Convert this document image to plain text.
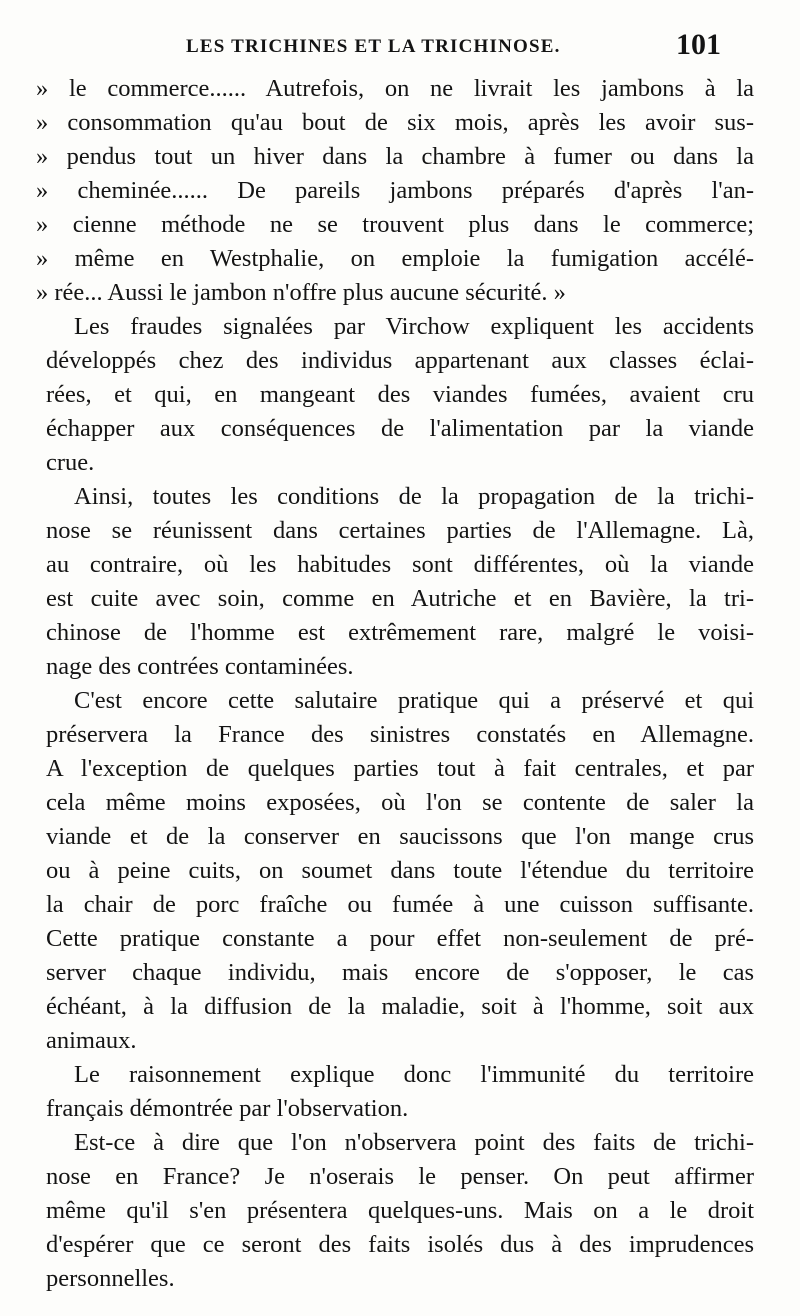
LES TRICHINES ET LA TRICHINOSE.	101
» le commerce...... Autrefois, on ne livrait les jambons à la
» consommation qu'au bout de six mois, après les avoir sus-
» pendus tout un hiver dans la chambre à fumer ou dans la
» cheminée...... De pareils jambons préparés d'après l'an-
» cienne méthode ne se trouvent plus dans le commerce;
» même en Westphalie, on emploie la fumigation accélé-
» rée... Aussi le jambon n'offre plus aucune sécurité. »
Les fraudes signalées par Virchow expliquent les accidents
développés chez des individus appartenant aux classes éclai-
rées, et qui, en mangeant des viandes fumées, avaient cru
échapper aux conséquences de l'alimentation par la viande
crue.
Ainsi, toutes les conditions de la propagation de la trichi-
nose se réunissent dans certaines parties de l'Allemagne. Là,
au contraire, où les habitudes sont différentes, où la viande
est cuite avec soin, comme en Autriche et en Bavière, la tri-
chinose de l'homme est extrêmement rare, malgré le voisi-
nage des contrées contaminées.
C'est encore cette salutaire pratique qui a préservé et qui
préservera la France des sinistres constatés en Allemagne.
A l'exception de quelques parties tout à fait centrales, et par
cela même moins exposées, où l'on se contente de saler la
viande et de la conserver en saucissons que l'on mange crus
ou à peine cuits, on soumet dans toute l'étendue du territoire
la chair de porc fraîche ou fumée à une cuisson suffisante.
Cette pratique constante a pour effet non-seulement de pré-
server chaque individu, mais encore de s'opposer, le cas
échéant, à la diffusion de la maladie, soit à l'homme, soit aux
animaux.
Le raisonnement explique donc l'immunité du territoire
français démontrée par l'observation.
Est-ce à dire que l'on n'observera point des faits de trichi-
nose en France? Je n'oserais le penser. On peut affirmer
même qu'il s'en présentera quelques-uns. Mais on a le droit
d'espérer que ce seront des faits isolés dus à des imprudences
personnelles.
